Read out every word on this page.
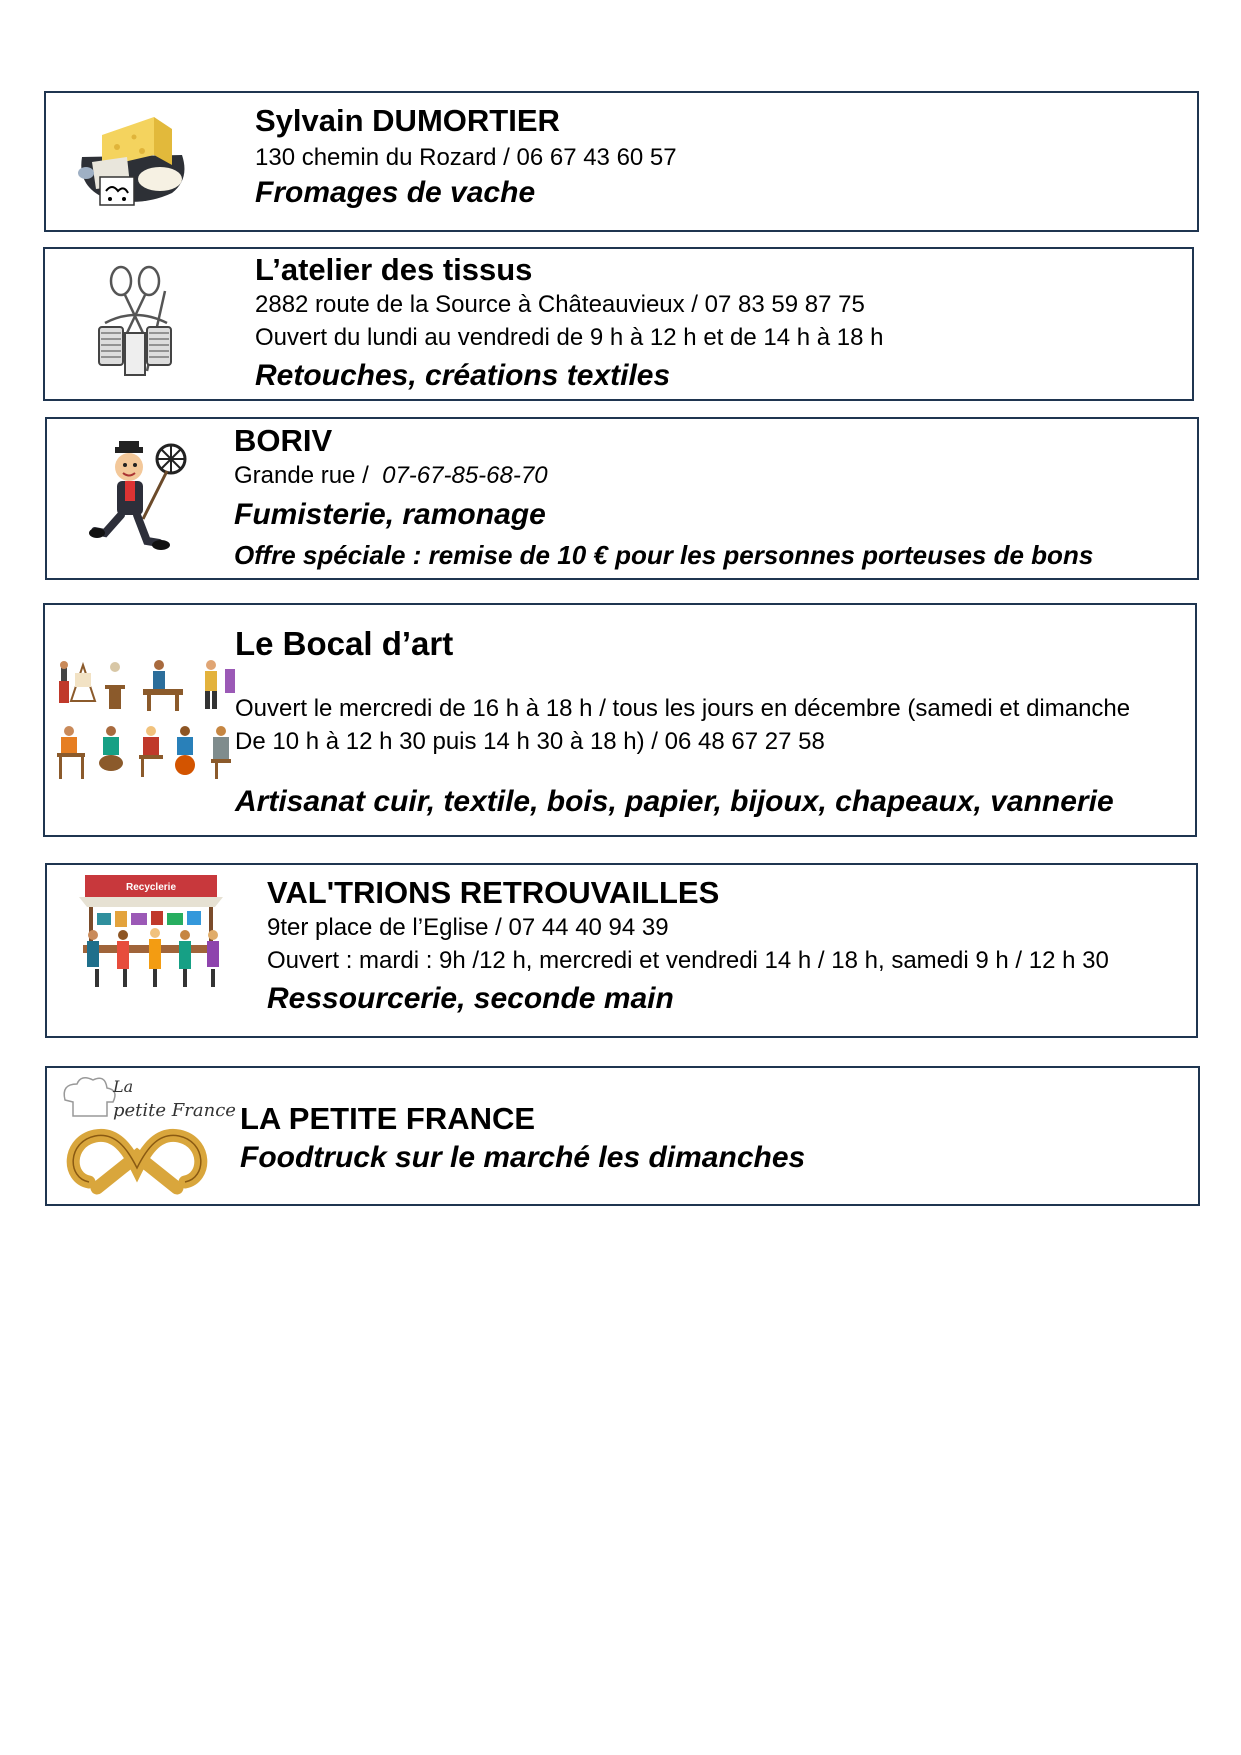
Sylvain DUMORTIER
130 chemin du Rozard / 06 67 43 60 57
Fromages de vache
L’atelier des tissus
2882 route de la Source à Châteauvieux / 07 83 59 87 75
Ouvert du lundi au vendredi de 9 h à 12 h et de 14 h à 18 h
Retouches, créations textiles
BORIV
Grande rue / 07-67-85-68-70
Fumisterie, ramonage
Offre spéciale : remise de 10 € pour les personnes porteuses de bons
Le Bocal d’art
Ouvert le mercredi de 16 h à 18 h / tous les jours en décembre (samedi et dimanche
De 10 h à 12 h 30 puis 14 h 30 à 18 h) / 06 48 67 27 58
Artisanat cuir, textile, bois, papier, bijoux, chapeaux, vannerie
Recyclerie	VAL'TRIONS RETROUVAILLES
9ter place de l’Eglise / 07 44 40 94 39
Ouvert : mardi : 9h /12 h, mercredi et vendredi 14 h / 18 h, samedi 9 h / 12 h 30
Ressourcerie, seconde main
La
petite France LA PETITE FRANCE
Foodtruck sur le marché les dimanches
